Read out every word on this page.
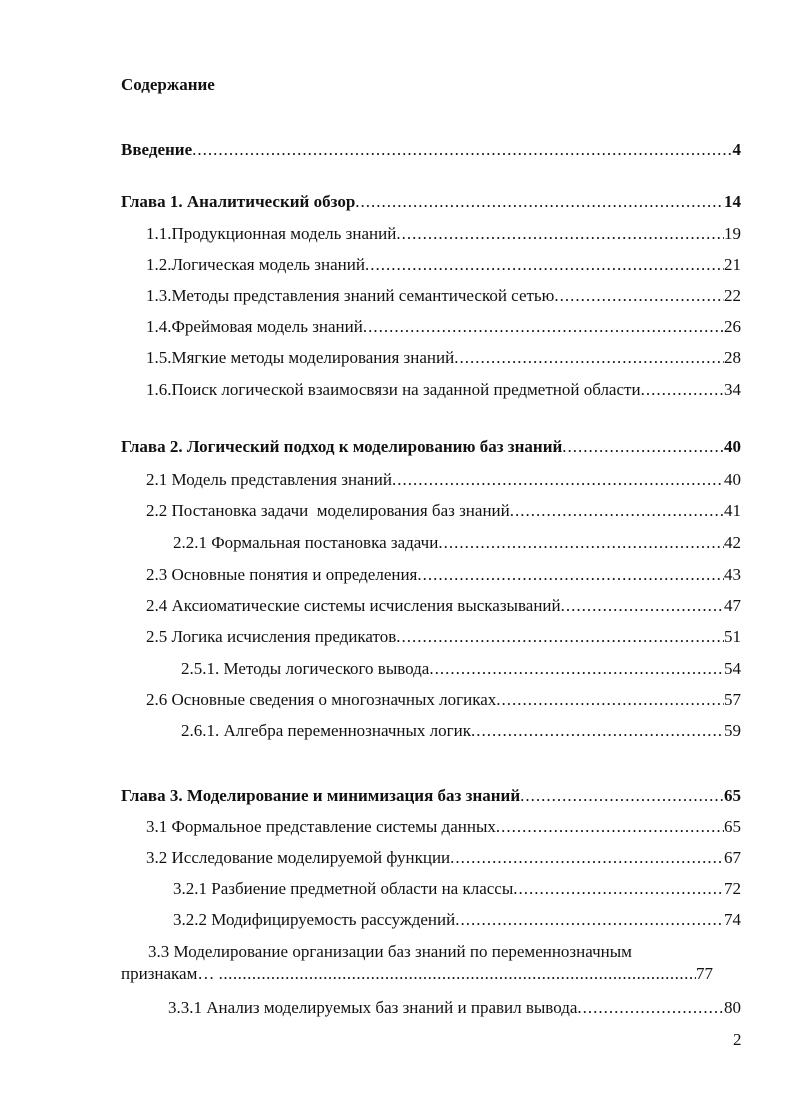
Содержание
Введение .....	4
Глава 1. Аналитический обзор .....	14
1.1.Продукционная модель знаний .....	19
1.2.Логическая модель знаний .....	21
1.3.Методы представления знаний семантической сетью .....	22
1.4.Фреймовая модель знаний .....	26
1.5.Мягкие методы моделирования знаний .....	28
1.6.Поиск логической взаимосвязи на заданной предметной области .....	34
Глава 2. Логический подход к моделированию баз знаний .....	40
2.1 Модель представления знаний .....	40
2.2 Постановка задачи  моделирования баз знаний .....	41
2.2.1 Формальная постановка задачи .....	42
2.3 Основные понятия и определения .....	43
2.4 Аксиоматические системы исчисления высказываний .....	47
2.5 Логика исчисления предикатов .....	51
2.5.1. Методы логического вывода .....	54
2.6 Основные сведения о многозначных логиках .....	57
2.6.1. Алгебра переменнозначных логик .....	59
Глава 3. Моделирование и минимизация баз знаний .....	65
3.1 Формальное представление системы данных .....	65
3.2 Исследование моделируемой функции .....	67
3.2.1 Разбиение предметной области на классы .....	72
3.2.2 Модифицируемость рассуждений .....	74
3.3 Моделирование организации баз знаний по переменнозначным
признакам… .....	77
3.3.1 Анализ моделируемых баз знаний и правил вывода .....	80
2
